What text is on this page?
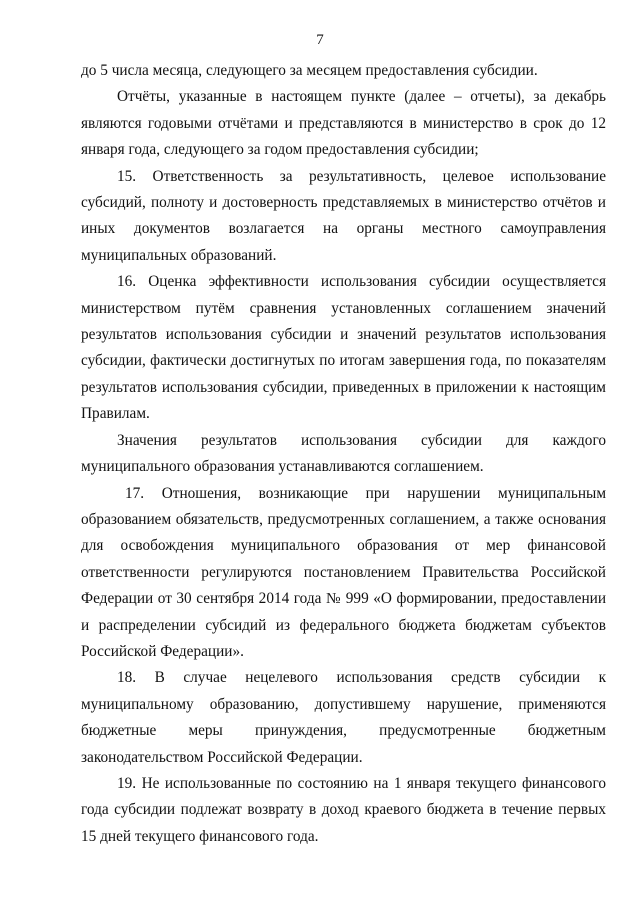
7

до 5 числа месяца, следующего за месяцем предоставления субсидии.

Отчёты, указанные в настоящем пункте (далее – отчеты), за декабрь являются годовыми отчётами и представляются в министерство в срок до 12 января года, следующего за годом предоставления субсидии;

15. Ответственность за результативность, целевое использование субсидий, полноту и достоверность представляемых в министерство отчётов и иных документов возлагается на органы местного самоуправления муниципальных образований.

16. Оценка эффективности использования субсидии осуществляется министерством путём сравнения установленных соглашением значений результатов использования субсидии и значений результатов использования субсидии, фактически достигнутых по итогам завершения года, по показателям результатов использования субсидии, приведенных в приложении к настоящим Правилам.

Значения результатов использования субсидии для каждого муниципального образования устанавливаются соглашением.

17. Отношения, возникающие при нарушении муниципальным образованием обязательств, предусмотренных соглашением, а также основания для освобождения муниципального образования от мер финансовой ответственности регулируются постановлением Правительства Российской Федерации от 30 сентября 2014 года № 999 «О формировании, предоставлении и распределении субсидий из федерального бюджета бюджетам субъектов Российской Федерации».

18. В случае нецелевого использования средств субсидии к муниципальному образованию, допустившему нарушение, применяются бюджетные меры принуждения, предусмотренные бюджетным законодательством Российской Федерации.

19. Не использованные по состоянию на 1 января текущего финансового года субсидии подлежат возврату в доход краевого бюджета в течение первых 15 дней текущего финансового года.
